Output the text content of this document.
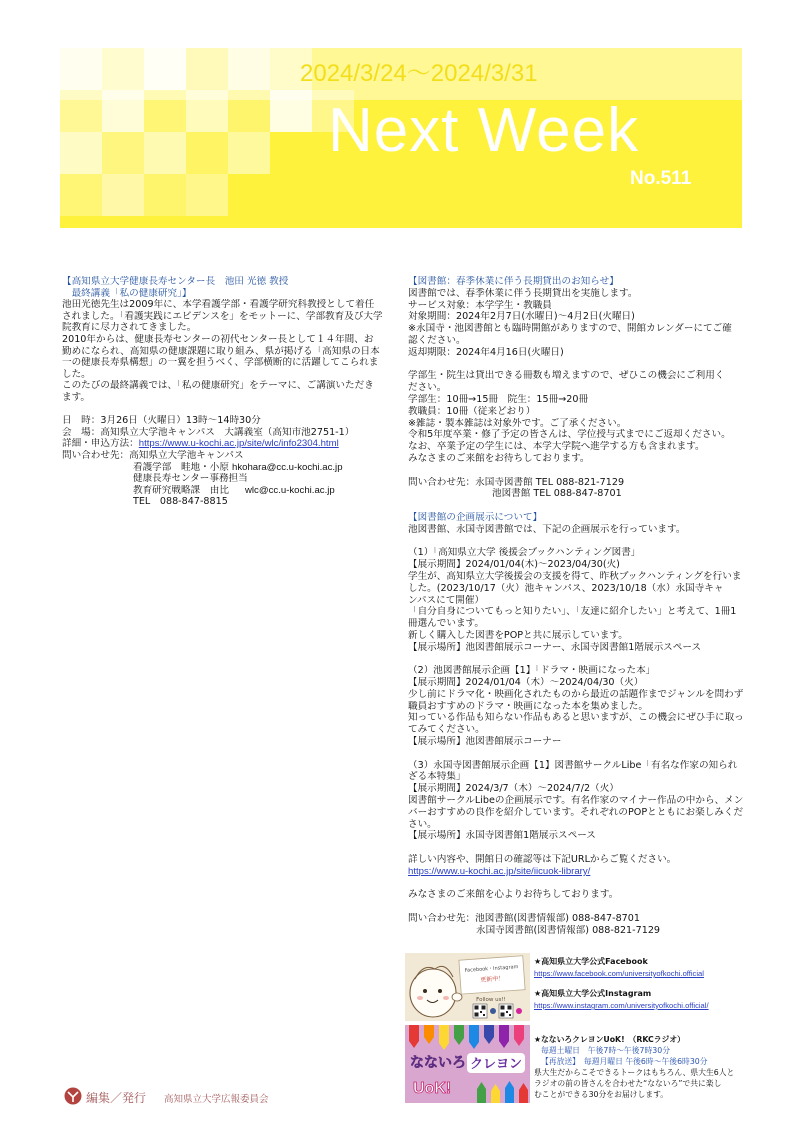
2024/3/24～2024/3/31
Next Week
No.511
【高知県立大学健康長寿センター長　池田 光徳 教授
　最終講義「私の健康研究」】
池田光徳先生は2009年に、本学看護学部・看護学研究科教授として着任
されました。「看護実践にエビデンスを」をモットーに、学部教育及び大学
院教育に尽力されてきました。
2010年からは、健康長寿センターの初代センター長として１４年間、お
勤めになられ、高知県の健康課題に取り組み、県が掲げる「高知県の日本
一の健康長寿県構想」の一翼を担うべく、学部横断的に活躍してこられま
した。
このたびの最終講義では、「私の健康研究」をテーマに、ご講演いただき
ます。
日　時：3月26日（火曜日）13時～14時30分
会　場：高知県立大学池キャンパス　大講義室（高知市池2751-1）
詳細・申込方法：https://www.u-kochi.ac.jp/site/wlc/info2304.html
問い合わせ先：高知県立大学池キャンパス
看護学部　畦地・小原 hkohara@cc.u-kochi.ac.jp
健康長寿センター事務担当
教育研究戦略課　由比 wlc@cc.u-kochi.ac.jp
TEL　088-847-8815
【図書館：春季休業に伴う長期貸出のお知らせ】
図書館では、春季休業に伴う長期貸出を実施します。
サービス対象：本学学生・教職員
対象期間：2024年2月7日(水曜日)～4月2日(火曜日)
※永国寺・池図書館とも臨時開館がありますので、開館カレンダーにてご確
認ください。
返却期限：2024年4月16日(火曜日)
学部生・院生は貸出できる冊数も増えますので、ぜひこの機会にご利用く
ださい。
学部生：10冊→15冊　院生：15冊→20冊
教職員：10冊（従来どおり）
※雑誌・製本雑誌は対象外です。ご了承ください。
令和5年度卒業・修了予定の皆さんは、学位授与式までにご返却ください。
なお、卒業予定の学生には、本学大学院へ進学する方も含まれます。
みなさまのご来館をお待ちしております。
問い合わせ先：永国寺図書館 TEL 088-821-7129
池図書館 TEL 088-847-8701
【図書館の企画展示について】
池図書館、永国寺図書館では、下記の企画展示を行っています。
（1）「高知県立大学 後援会ブックハンティング図書」
【展示期間】2024/01/04(木)～2023/04/30(火)
学生が、高知県立大学後援会の支援を得て、昨秋ブックハンティングを行いま
した。(2023/10/17（火）池キャンパス、2023/10/18（水）永国寺キャ
ンパスにて開催）
「自分自身についてもっと知りたい」、「友達に紹介したい」と考えて、1冊1
冊選んでいます。
新しく購入した図書をPOPと共に展示しています。
【展示場所】池図書館展示コーナー、永国寺図書館1階展示スペース
（2）池図書館展示企画【1】「ドラマ・映画になった本」
【展示期間】2024/01/04（木）～2024/04/30（火）
少し前にドラマ化・映画化されたものから最近の話題作までジャンルを問わず
職員おすすめのドラマ・映画になった本を集めました。
知っている作品も知らない作品もあると思いますが、この機会にぜひ手に取っ
てみてください。
【展示場所】池図書館展示コーナー
（3）永国寺図書館展示企画【1】図書館サークルLibe「有名な作家の知られ
ざる本特集」
【展示期間】2024/3/7（木）～2024/7/2（火）
図書館サークルLibeの企画展示です。有名作家のマイナー作品の中から、メン
バーおすすめの良作を紹介しています。それぞれのPOPとともにお楽しみくだ
さい。
【展示場所】永国寺図書館1階展示スペース
詳しい内容や、開館日の確認等は下記URLからご覧ください。
https://www.u-kochi.ac.jp/site/iicuok-library/
みなさまのご来館を心よりお待ちしております。
問い合わせ先：池図書館(図書情報部) 088-847-8701
永国寺図書館(図書情報部) 088-821-7129
Facebook・Instagram
更新中！
Follow us!!
★高知県立大学公式Facebook
https://www.facebook.com/universityofkochi.official
★高知県立大学公式Instagram
https://www.instagram.com/universityofkochi.official/
なないろ クレヨン
UoK!
★なないろクレヨンUoK!　（RKCラジオ）
毎週土曜日　午後7時～午後7時30分
【再放送】　毎週月曜日 午後6時～午後6時30分
県大生だからこそできるトークはもちろん、県大生6人と
ラジオの前の皆さんを合わせた“なないろ”で共に楽し
むことができる30分をお届けします。
編集／発行 高知県立大学広報委員会
